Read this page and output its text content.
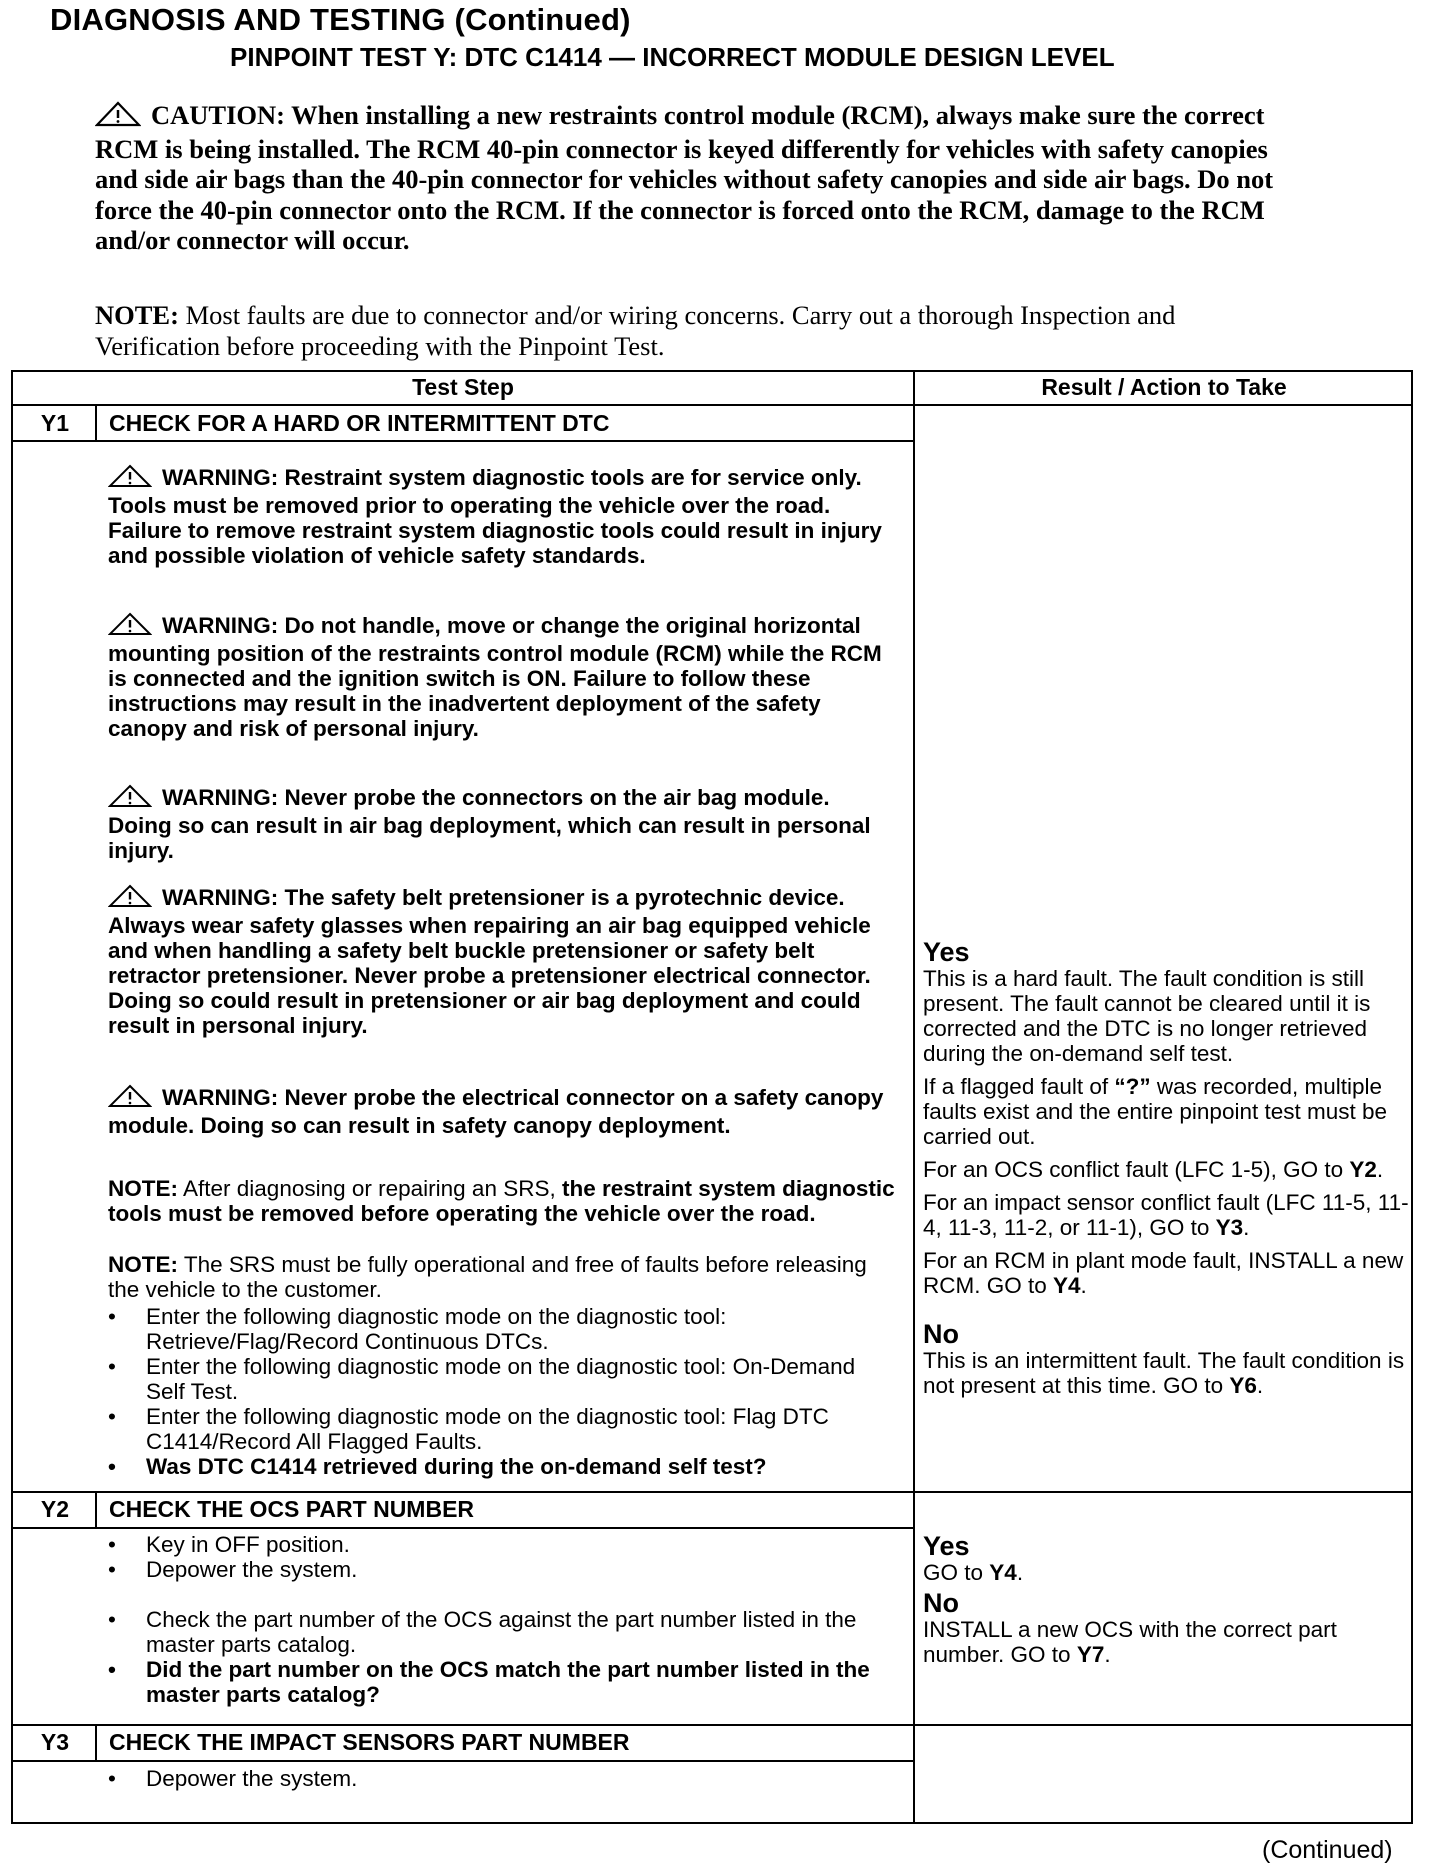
DIAGNOSIS AND TESTING (Continued)
PINPOINT TEST Y: DTC C1414 — INCORRECT MODULE DESIGN LEVEL
CAUTION: When installing a new restraints control module (RCM), always make sure the correct RCM is being installed. The RCM 40-pin connector is keyed differently for vehicles with safety canopies and side air bags than the 40-pin connector for vehicles without safety canopies and side air bags. Do not force the 40-pin connector onto the RCM. If the connector is forced onto the RCM, damage to the RCM and/or connector will occur.
NOTE: Most faults are due to connector and/or wiring concerns. Carry out a thorough Inspection and Verification before proceeding with the Pinpoint Test.
Test Step	Result / Action to Take
Y1	CHECK FOR A HARD OR INTERMITTENT DTC
WARNING: Restraint system diagnostic tools are for service only. Tools must be removed prior to operating the vehicle over the road. Failure to remove restraint system diagnostic tools could result in injury and possible violation of vehicle safety standards.
WARNING: Do not handle, move or change the original horizontal mounting position of the restraints control module (RCM) while the RCM is connected and the ignition switch is ON. Failure to follow these instructions may result in the inadvertent deployment of the safety canopy and risk of personal injury.
WARNING: Never probe the connectors on the air bag module. Doing so can result in air bag deployment, which can result in personal injury.
WARNING: The safety belt pretensioner is a pyrotechnic device. Always wear safety glasses when repairing an air bag equipped vehicle and when handling a safety belt buckle pretensioner or safety belt retractor pretensioner. Never probe a pretensioner electrical connector. Doing so could result in pretensioner or air bag deployment and could result in personal injury.
WARNING: Never probe the electrical connector on a safety canopy module. Doing so can result in safety canopy deployment.
NOTE: After diagnosing or repairing an SRS, the restraint system diagnostic tools must be removed before operating the vehicle over the road.
NOTE: The SRS must be fully operational and free of faults before releasing the vehicle to the customer.
• Enter the following diagnostic mode on the diagnostic tool: Retrieve/Flag/Record Continuous DTCs.
• Enter the following diagnostic mode on the diagnostic tool: On-Demand Self Test.
• Enter the following diagnostic mode on the diagnostic tool: Flag DTC C1414/Record All Flagged Faults.
• Was DTC C1414 retrieved during the on-demand self test?

Yes

This is a hard fault. The fault condition is still present. The fault cannot be cleared until it is corrected and the DTC is no longer retrieved during the on-demand self test.

If a flagged fault of “?” was recorded, multiple faults exist and the entire pinpoint test must be carried out.

For an OCS conflict fault (LFC 1-5), GO to Y2.

For an impact sensor conflict fault (LFC 11-5, 11-4, 11-3, 11-2, or 11-1), GO to Y3.

For an RCM in plant mode fault, INSTALL a new RCM. GO to Y4.

No

This is an intermittent fault. The fault condition is not present at this time. GO to Y6.

Y2	CHECK THE OCS PART NUMBER
• Key in OFF position.
• Depower the system.
• Check the part number of the OCS against the part number listed in the master parts catalog.
• Did the part number on the OCS match the part number listed in the master parts catalog?

Yes

GO to Y4.

No

INSTALL a new OCS with the correct part number. GO to Y7.

Y3	CHECK THE IMPACT SENSORS PART NUMBER
• Depower the system.
(Continued)
